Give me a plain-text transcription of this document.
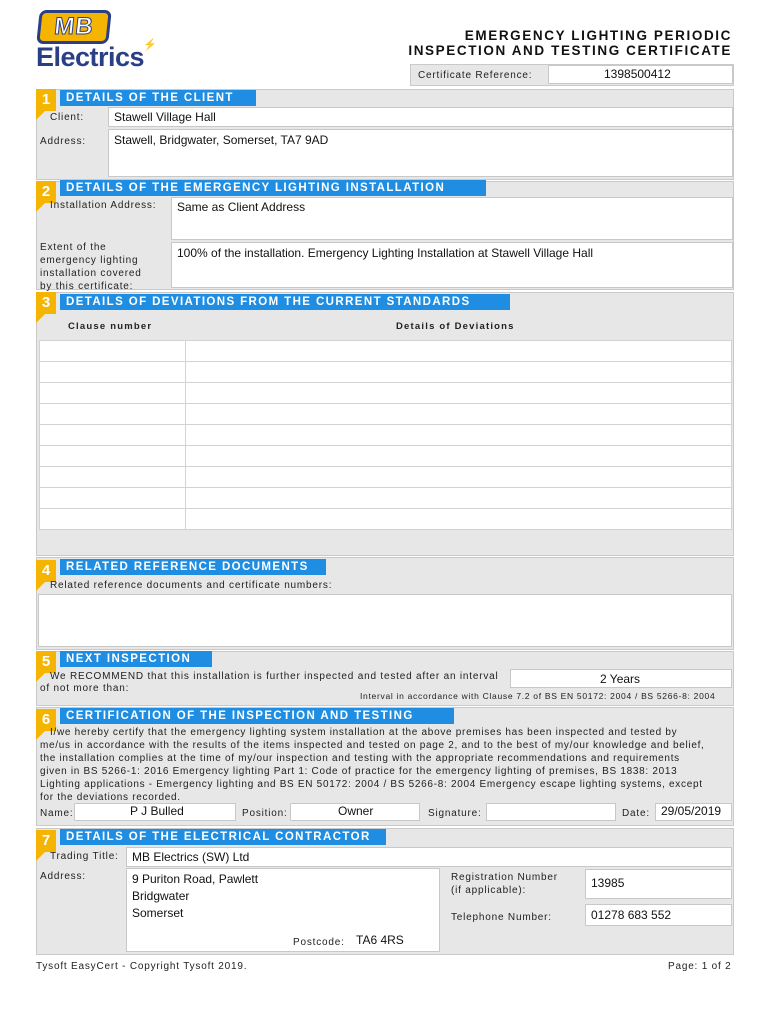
MB
Electrics
⚡
EMERGENCY LIGHTING PERIODIC
INSPECTION AND TESTING CERTIFICATE
Certificate Reference:	1398500412
1	DETAILS OF THE CLIENT
Client:	Stawell Village Hall
Address: Stawell, Bridgwater, Somerset, TA7 9AD
2	DETAILS OF THE EMERGENCY LIGHTING INSTALLATION
Installation Address: Same as Client Address
Extent of the
emergency lighting
installation covered
by this certificate:
100% of the installation. Emergency Lighting Installation at Stawell Village Hall
3	DETAILS OF DEVIATIONS FROM THE CURRENT STANDARDS
Clause number	Details of Deviations

4	RELATED REFERENCE DOCUMENTS
Related reference documents and certificate numbers:
5	NEXT INSPECTION
We RECOMMEND that this installation is further inspected and tested after an interval
of not more than:
2 Years
Interval in accordance with Clause 7.2 of BS EN 50172: 2004 / BS 5266-8: 2004
6	CERTIFICATION OF THE INSPECTION AND TESTING
I/we hereby certify that the emergency lighting system installation at the above premises has been inspected and tested by
me/us in accordance with the results of the items inspected and tested on page 2, and to the best of my/our knowledge and belief,
the installation complies at the time of my/our inspection and testing with the appropriate recommendations and requirements
given in BS 5266-1: 2016 Emergency lighting Part 1: Code of practice for the emergency lighting of premises, BS 1838: 2013
Lighting applications - Emergency lighting and BS EN 50172: 2004 / BS 5266-8: 2004 Emergency escape lighting systems, except
for the deviations recorded.
Name:	P J Bulled	Position:	Owner	Signature:	Date: 29/05/2019
7	DETAILS OF THE ELECTRICAL CONTRACTOR
Trading Title: MB Electrics (SW) Ltd
Address:	9 Puriton Road, Pawlett
Bridgwater
Somerset
Postcode: TA6 4RS
Registration Number
(if applicable):
13985
Telephone Number:	01278 683 552
Tysoft EasyCert - Copyright Tysoft 2019.	Page: 1 of 2
